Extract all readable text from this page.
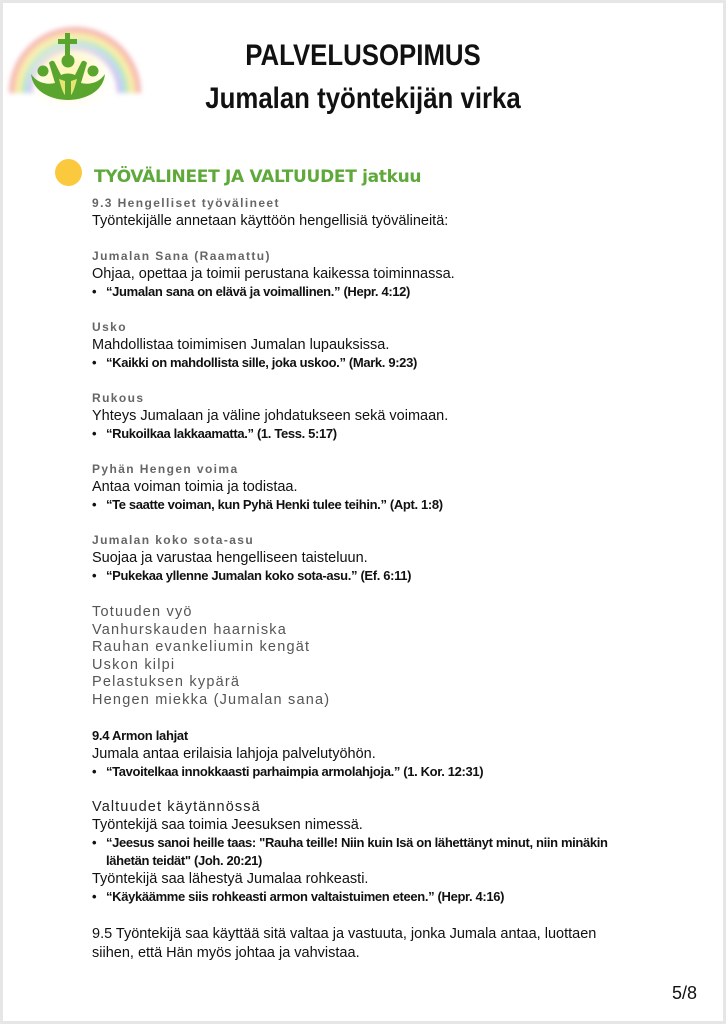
PALVELUSOPIMUS
Jumalan työntekijän virka
TYÖVÄLINEET JA VALTUUDET jatkuu
9.3 Hengelliset työvälineet
Työntekijälle annetaan käyttöön hengellisiä työvälineitä:
Jumalan Sana (Raamattu)
Ohjaa, opettaa ja toimii perustana kaikessa toiminnassa.
• “Jumalan sana on elävä ja voimallinen.” (Hepr. 4:12)
Usko
Mahdollistaa toimimisen Jumalan lupauksissa.
• “Kaikki on mahdollista sille, joka uskoo.” (Mark. 9:23)
Rukous
Yhteys Jumalaan ja väline johdatukseen sekä voimaan.
• “Rukoilkaa lakkaamatta.” (1. Tess. 5:17)
Pyhän Hengen voima
Antaa voiman toimia ja todistaa.
• “Te saatte voiman, kun Pyhä Henki tulee teihin.” (Apt. 1:8)
Jumalan koko sota-asu
Suojaa ja varustaa hengelliseen taisteluun.
• “Pukekaa yllenne Jumalan koko sota-asu.” (Ef. 6:11)
Totuuden vyö
Vanhurskauden haarniska
Rauhan evankeliumin kengät
Uskon kilpi
Pelastuksen kypärä
Hengen miekka (Jumalan sana)
9.4 Armon lahjat
Jumala antaa erilaisia lahjoja palvelutyöhön.
• “Tavoitelkaa innokkaasti parhaimpia armolahjoja.” (1. Kor. 12:31)
Valtuudet käytännössä
Työntekijä saa toimia Jeesuksen nimessä.
• “Jeesus sanoi heille taas: "Rauha teille! Niin kuin Isä on lähettänyt minut, niin minäkin lähetän teidät" (Joh. 20:21)
Työntekijä saa lähestyä Jumalaa rohkeasti.
• “Käykäämme siis rohkeasti armon valtaistuimen eteen.” (Hepr. 4:16)
9.5 Työntekijä saa käyttää sitä valtaa ja vastuuta, jonka Jumala antaa, luottaen siihen, että Hän myös johtaa ja vahvistaa.
5/8
